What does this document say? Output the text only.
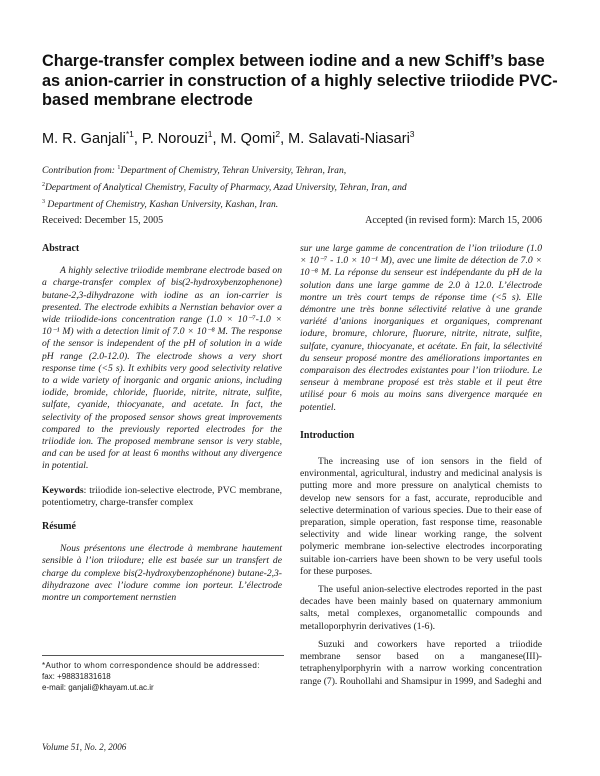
Charge-transfer complex between iodine and a new Schiff’s base as anion-carrier in construction of a highly selective triiodide PVC-based membrane electrode
M. R. Ganjali$^{*1}$, P. Norouzi$^1$, M. Qomi$^2$, M. Salavati-Niasari$^3$
Contribution from: $^1$Department of Chemistry, Tehran University, Tehran, Iran,
$^2$Department of Analytical Chemistry, Faculty of Pharmacy, Azad University, Tehran, Iran, and
$^3$ Department of Chemistry, Kashan University, Kashan, Iran.
Received: December 15, 2005	Accepted (in revised form): March 15, 2006
Abstract

A highly selective triiodide membrane electrode based on a charge-transfer complex of bis(2-hydroxybenzophenone) butane-2,3-dihydrazone with iodine as an ion-carrier is presented. The electrode exhibits a Nernstian behavior over a wide triiodide-ions concentration range (1.0 × 10⁻⁷-1.0 × 10⁻¹ M) with a detection limit of 7.0 × 10⁻⁸ M. The response of the sensor is independent of the pH of solution in a wide pH range (2.0-12.0). The electrode shows a very short response time (<5 s). It exhibits very good selectivity relative to a wide variety of inorganic and organic anions, including iodide, bromide, chloride, fluoride, nitrite, nitrate, sulfite, sulfate, cyanide, thiocyanate, and acetate. In fact, the selectivity of the proposed sensor shows great improvements compared to the previously reported electrodes for the triiodide ion. The proposed membrane sensor is very stable, and can be used for at least 6 months without any divergence in potential.

Keywords: triiodide ion-selective electrode, PVC membrane, potentiometry, charge-transfer complex

Résumé

Nous présentons une électrode à membrane hautement sensible à l’ion triiodure; elle est basée sur un transfert de charge du complexe bis(2-hydroxybenzophénone) butane-2,3-dihydrazone avec l’iodure comme ion porteur. L’électrode montre un comportement nernstien

sur une large gamme de concentration de l’ion triiodure (1.0 × 10⁻⁷ - 1.0 × 10⁻¹ M), avec une limite de détection de 7.0 × 10⁻⁸ M. La réponse du senseur est indépendante du pH de la solution dans une large gamme de 2.0 à 12.0. L’électrode montre un très court temps de réponse time (<5 s). Elle démontre une très bonne sélectivité relative à une grande variété d’anions inorganiques et organiques, comprenant iodure, bromure, chlorure, fluorure, nitrite, nitrate, sulfite, sulfate, cyanure, thiocyanate, et acétate. En fait, la sélectivité du senseur proposé montre des améliorations importantes en comparaison des électrodes existantes pour l’ion triiodure. Le senseur à membrane proposé est très stable et il peut être utilisé pour 6 mois au moins sans divergence marquée en potentiel.

Introduction

The increasing use of ion sensors in the field of environmental, agricultural, industry and medicinal analysis is putting more and more pressure on analytical chemists to develop new sensors for a fast, accurate, reproducible and selective determination of various species. Due to their ease of preparation, simple operation, fast response time, reasonable selectivity and wide linear working range, the solvent polymeric membrane ion-selective electrodes incorporating suitable ion-carriers have been shown to be very useful tools for these purposes.

The useful anion-selective electrodes reported in the past decades have been mainly based on quaternary ammonium salts, metal complexes, organometallic compounds and metalloporphyrin derivatives (1-6).

Suzuki and coworkers have reported a triiodide membrane sensor based on a manganese(III)-tetraphenylporphyrin with a narrow working concentration range (7). Rouhollahi and Shamsipur in 1999, and Sadeghi and

*Author to whom correspondence should be addressed:
fax: +98831831618
e-mail: ganjali@khayam.ut.ac.ir
Volume 51, No. 2, 2006
